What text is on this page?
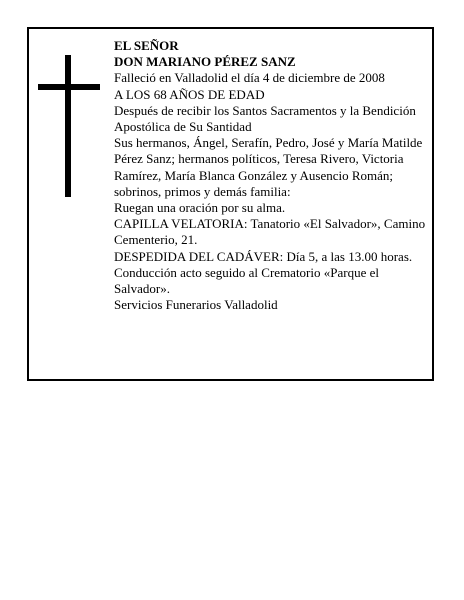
EL SEÑOR

DON MARIANO PÉREZ SANZ

Falleció en Valladolid el día 4 de diciembre de 2008

A LOS 68 AÑOS DE EDAD

Después de recibir los Santos Sacramentos y la Bendición Apostólica de Su Santidad

Sus hermanos, Ángel, Serafín, Pedro, José y María Matilde Pérez Sanz; hermanos políticos, Teresa Rivero, Victoria Ramírez, María Blanca González y Ausencio Román; sobrinos, primos y demás familia:

Ruegan una oración por su alma.

CAPILLA VELATORIA: Tanatorio «El Salvador», Camino Cementerio, 21.

DESPEDIDA DEL CADÁVER: Día 5, a las 13.00 horas. Conducción acto seguido al Crematorio «Parque el Salvador».

Servicios Funerarios Valladolid
